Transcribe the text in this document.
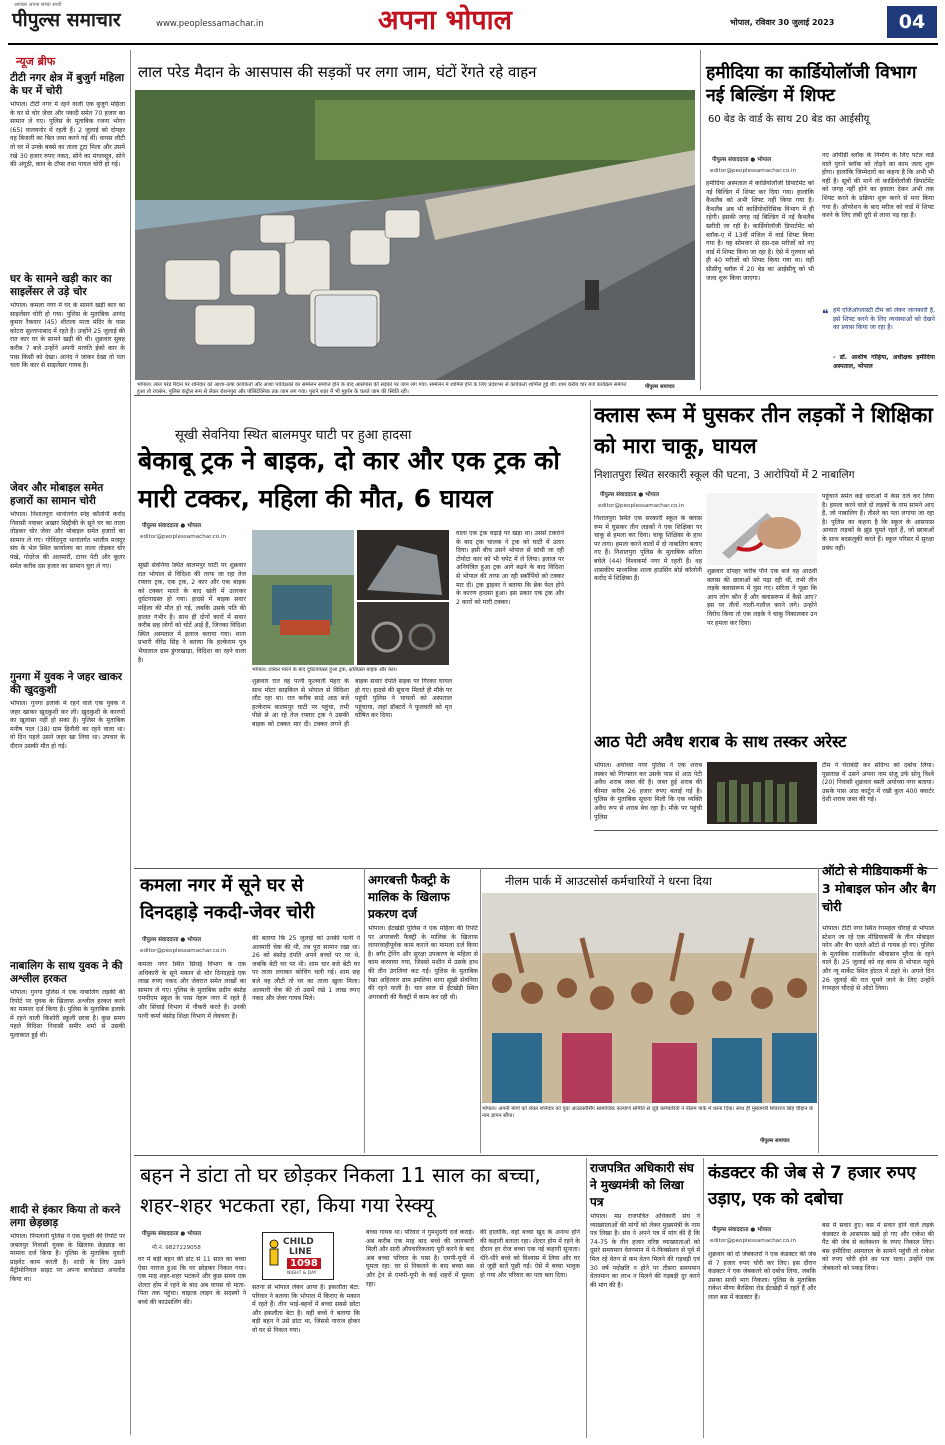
आपका अपना सच्चा साथी
पीपुल्स समाचार	www.peoplessamachar.in	अपना भोपाल	भोपाल, रविवार 30 जुलाई 2023	04
न्यूज ब्रीफ
टीटी नगर क्षेत्र में बुजुर्ग महिला के घर में चोरी
भोपाल। टीटी नगर में रहने वाली एक बुजुर्ग महिला के घर से चोर जेवर और नकदी समेत 70 हजार का सामान ले गए। पुलिस के मुताबिक रजना भोगर (65) वालयनोर में रहती हैं। 2 जुलाई को दोपहर वह बिजली का बिल जमा करने गई थीं। वापस लौटी तो घर में उनके बक्से का ताला टूटा मिला और उसमें रखे 30 हजार रुपए नकद, सोने का मंगलसूत्र, सोने की अंगूठी, कान के टॉप्स तथा पायल चोरी हो गई।
घर के सामने खड़ी कार का साइलेंसर ले उड़े चोर
भोपाल। कमला नगर में घर के सामने खड़ी कार का साइलेंसर चोरी हो गया। पुलिस के मुताबिक आनंद कुमार रैकवार (45) शीतला माता मंदिर के पास कोटरा सुल्तानाबाद में रहते हैं। उन्होंने 25 जुलाई की रात कार घर के सामने खड़ी की थी। शुक्रवार सुबह करीब 7 बजे उन्होंने अपनी मारुति ईको कार के पास किसी को देखा। आनंद ने जाकर देखा तो पता चला कि कार से साइलेंसर गायब है।
जेवर और मोबाइल समेत हजारों का सामान चोरी
भोपाल। निशातपुरा थानांतर्गत स्नेह कॉलोनी करोंद निवासी नवाबर अख्तर सिद्दीकी के सूने घर का ताला तोड़कर चोर जेवर और मोबाइल समेत हजारों का सामान ले गए। गोविंदपुरा थानांतर्गत भरतीय मजदूर संघ के भेल स्थित कार्यालय का ताला तोड़कर चोर पंखे, गोदरेज की अलमारी, टायर पेटी और कूलर समेत करीब दस हजार का सामान चुरा ले गए।
गुनगा में युवक ने जहर खाकर की खुदकुशी
भोपाल। गुनगा इलाके में रहने वाले एक युवक ने जहर खाकर खुदकुशी कर ली। खुदकुशी के कारणों का खुलासा नहीं हो सका है। पुलिस के मुताबिक मनीष पाल (38) ग्राम हिनौती का रहने वाला था। वो दिन पहले उसने जहर खा लिया था। उपचार के दौरान उसकी मौत हो गई।
नाबालिग के साथ युवक ने की अश्लील हरकत
भोपाल। गुनगा पुलिस ने एक नाबालिग लड़की की रिपोर्ट पर युवक के खिलाफ अश्लील हरकत करने का मामला दर्ज किया है। पुलिस के मुताबिक इलाके में रहने वाली किशोरी स्कूली छात्रा है। कुछ समय पहले विदिशा निवासी समीर शर्मा से उसकी मुलाकात हुई थी।
शादी से इंकार किया तो करने लगा छेड़छाड़
भोपाल। पिपलानी पुलिस ने एक युवती की रिपोर्ट पर जबलपुर निवासी युवक के खिलाफ छेड़छाड़ का मामला दर्ज किया है। पुलिस के मुताबिक युवती प्राइवेट काम करती है। शादी के लिए उसने मैट्रीमोनियल साइट पर अपना बायोडाटा अपलोड किया था।
लाल परेड मैदान के आसपास की सड़कों पर लगा जाम, घंटों रेंगते रहे वाहन
भोपाल। लाल परेड मैदान पर शनिवार को आशा-ऊषा कार्यकर्ता और आशा पर्यवेक्षकों का सम्मेलन समाप्त होने के बाद आसपास की सड़कों पर जाम लग गया। सम्मेलन में शामिल होने के लिए प्रदेशभर से कार्यकर्ता शामिल हुई थीं। शाम करीब चार बजे कार्यक्रम समाप्त हुआ तो रायसेन, पुलिस कंट्रोल रूम से लेकर रोशनपुरा और पॉलिटेक्निक तक जाम लग गया। पुराने शहर में भी मुहर्रम के चलते जाम की स्थिति रही।
पीपुल्स समाचार
हमीदिया का कार्डियोलॉजी विभाग नई बिल्डिंग में शिफ्ट
60 बेड के वार्ड के साथ 20 बेड का आईसीयू
पीपुल्स संवाददाता ● भोपाल
editor@peoplessamachar.co.in
हमीदिया अस्पताल में कार्डियोलॉजी डिपार्टमेंट को नई बिल्डिंग में शिफ्ट कर दिया गया। हालांकि कैथलैब को अभी शिफ्ट नहीं किया गया है। कैथलैब अब भी कार्डियोथोरेसिक विभाग में ही रहेगी। इसकी जगह नई बिल्डिंग में नई कैथलैब खरीदी जा रही है। कार्डियोलॉजी डिपार्टमेंट को ब्लॉक-ए में 13वीं मंजिल में वार्ड शिफ्ट किया गया है। यह सोमवार से दस-दस मरीजों को नए वार्ड में शिफ्ट किया जा रहा है। ऐसे में गुरुवार को ही 40 मरीजों को शिफ्ट किया गया था। वहीं सीसीयू ब्लॉक में 20 बेड का आईसीयू को भी जल्द शुरू किया जाएगा।
नए ओपीडी ब्लॉक के निर्माण के लिए पटेल वार्ड वाले पुराने ब्लॉक को तोड़ने का काम जल्द शुरू होगा। हालांकि जिम्मेदारों का कहना है कि अभी भी वहीं है। सूत्रों की मानें तो कार्डियोलॉजी डिपार्टमेंट को जगह नहीं होने का हवाला देकर अभी तक शिफ्ट करने के प्रक्रिया शुरू करने से मना किया गया है। ऑपरेशन के बाद मरीज को वार्ड में शिफ्ट करने के लिए लंबी दूरी से लाना पड़ रहा है।
❝ हमें एजिओप्लास्टी टीम को लेकर जानकारी है, इसे शिफ्ट करने के लिए व्यवस्थाओं को देखने का प्रयास किया जा रहा है।
- डॉ. आशीष गोहिया, अधीक्षक हमीदिया अस्पताल, भोपाल
सूखी सेवनिया स्थित बालमपुर घाटी पर हुआ हादसा
बेकाबू ट्रक ने बाइक, दो कार और एक ट्रक को मारी टक्कर, महिला की मौत, 6 घायल
पीपुल्स संवाददाता ● भोपाल
editor@peoplessamachar.co.in
सूखी सेवनिया स्थित बालमपुर घाटी पर शुक्रवार रात भोपाल से विदिशा की तरफ जा रहा तेज रफ्तार ट्रक, एक ट्रक, 2 कार और एक बाइक को टक्कर मारते के बाद खंती में उतरकर दुर्घटनाग्रस्त हो गया। हादसे में बाइक सवार महिला की मौत हो गई, जबकि उसके पति की हालत गंभीर है। साथ ही दोनों कारों में सवार करीब छह लोगों को चोटें आई हैं, जिनका विदिशा स्थित अस्पताल में इलाज कराया गया। थाना प्रभारी वीरेंद्र सिंह ने बताया कि हल्केराम पुत्र भैयालाल ग्राम डुंगरखाड़ा, विदिशा का रहने वाला है।
भोपाल। टक्कर मारने के बाद दुर्घटनाग्रस्त हुआ ट्रक, क्षतिग्रस्त बाइक और कार।
शुक्रवार रात वह पत्नी फूलवती मेहरा के साथ मोटर साइकिल से भोपाल से विदिशा लौट रहा था। रात करीब साढ़े आठ बजे हल्केराम बालमपुर घाटी पर पहुंचा, तभी पीछे से आ रहे तेज रफ्तार ट्रक ने उसकी बाइक को टक्कर मार दी। टक्कर लगने ही बाइक सवार दंपति सड़क पर गिरकर घायल हो गए। हादसे की सूचना मिलते ही मौके पर पहुंची पुलिस ने घायलों को अस्पताल पहुंचाया, जहां डॉक्टरों ने फूलवती को मृत घोषित कर दिया।
वाला एक ट्रक चढ़ाई पर खड़ा था। उससे टकराने के बाद ट्रक चालक ने ट्रक को घाटी में उतार दिया। इसी बीच उसने भोपाल से सांची जा रही टोयोटा कार को भी चपेट में ले लिया। इलाज पर अनियंत्रित हुआ ट्रक आगे बढ़ने के बाद विदिशा से भोपाल की तरफ आ रही स्कॉर्पियो को टक्कर मार दी। ट्रक ड्राइवर ने बताया कि ब्रेक फेल होने के कारण हादसा हुआ। इस प्रकार एक ट्रक और 2 कारों को मारी टक्कर।
क्लास रूम में घुसकर तीन लड़कों ने शिक्षिका को मारा चाकू, घायल
निशातपुरा स्थित सरकारी स्कूल की घटना, 3 आरोपियों में 2 नाबालिग
पीपुल्स संवाददाता ● भोपाल
editor@peoplessamachar.co.in
निशातपुरा स्थित एक सरकारी स्कूल के क्लास रूम में घुसकर तीन लड़कों ने एक शिक्षिका पर चाकू से हमला कर दिया। चाकू शिक्षिका के हाथ पर लगा। हमला करने वालों में दो नाबालिग बताए गए हैं। निशातपुरा पुलिस के मुताबिक सरिता बघेले (44) विश्वकर्मा नगर में रहती हैं। वह शासकीय माध्यमिक शाला हाउसिंग बोर्ड कॉलोनी करोंद में शिक्षिका हैं।
शुक्रवार दोपहर करीब पौने एक बजे वह आठवीं क्लास की छात्राओं को पढ़ा रही थीं, तभी तीन लड़के क्लासरूम में घुस गए। सरिता ने पूछा कि आप लोग कौन हैं और क्लासरूम में कैसे आए? इस पर तीनों गाली-गलौज करने लगे। उन्होंने विरोध किया तो एक लड़के ने चाकू निकालकर उन पर हमला कर दिया।
पहुंचाने समेत कई धाराओं में केस दर्ज कर लिया है। हमला करने वाले दो लड़कों के नाम सामने आए हैं, जो नाबालिग हैं। तीसरे का पता लगाया जा रहा है। पुलिस का कहना है कि स्कूल के आसपास आवारा लड़कों के झुंड घूमते रहते हैं, जो छात्राओं के साथ बदसलूकी करते हैं। स्कूल परिसर में सुरक्षा प्रबंध नहीं।
आठ पेटी अवैध शराब के साथ तस्कर अरेस्ट
भोपाल। अयोध्या नगर पुलिस ने एक शराब तस्कर को गिरफ्तार कर उसके पास से आठ पेटी अवैध शराब जब्त की है। जब्त हुई शराब की कीमत करीब 26 हजार रुपए बताई गई है। पुलिस के मुताबिक सूचना मिली कि एक व्यक्ति अवैध रूप से शराब बेच रहा है। मौके पर पहुंची पुलिस
टीम ने घेराबंदी कर संदिग्ध को दबोच लिया। पूछताछ में उसने अपना नाम संजू उर्फ सोनू विश्वे (20) निवासी शुक्रवार बस्ती अयोध्या नगर बताया। उसके पास आठ कार्टून में रखी कुल 400 क्वार्टर देशी शराब जब्त की गई।
कमला नगर में सूने घर से दिनदहाड़े नकदी-जेवर चोरी
पीपुल्स संवाददाता ● भोपाल
editor@peoplessamachar.co.in
कमला नगर स्थित सिंधई विभाग के एक अधिकारी के सूने मकान से चोर दिनदहाड़े एक लाख रुपए नकद और जेवरात समेत लाखों का सामान ले गए। पुलिस के मुताबिक प्रदीप बंसोड़ एमपीएम स्कूल के पास नेहरू नगर में रहते हैं और सिंचाई विभाग में नौकरी करते हैं। उनकी पत्नी कर्मा बंसोड़ शिक्षा विभाग में लेक्चरर हैं।
की बताया कि 25 जुलाई को उनकी पत्नी ने अलमारी चेक की थी, तब पूरा सामान रखा था। 26 को बंसोड़ दंपति अपने बच्चों पर पर थे, जबकि बेटी घर पर थी। शाम चार बजे बेटी घर पर ताला लगाकर कोचिंग चली गई। शाम छह बजे वह लौटी तो घर का ताला खुला मिला। अलमारी चेक की तो उसमें रखे 1 लाख रुपए नकद और जेवर गायब मिले।
अगरबत्ती फैक्ट्री के मालिक के खिलाफ प्रकरण दर्ज
भोपाल। ईंटखेड़ी पुलिस ने एक महिला की रिपोर्ट पर अगरबत्ती फैक्ट्री के मालिक के खिलाफ लापरवाहीपूर्वक काम कराने का मामला दर्ज किया है। बगैर ट्रेनिंग और सुरक्षा उपकरण के महिला से काम करवाया गया, जिससे मशीन में उसके हाथ की तीन उंगलियां कट गईं। पुलिस के मुताबिक रेखा अहिरवार ग्राम इमलिया थाना सूखी सेवनिया की रहने वाली है। चार साल से ईंटखेड़ी स्थित अगरबत्ती की फैक्ट्री में काम कर रही थी।
नीलम पार्क में आउटसोर्स कर्मचारियों ने धरना दिया
भोपाल। अपनी मांगों को लेकर शनिवार को युवा आउटसोर्सिंग सामाजिक कल्याण समिति से जुड़े कर्मचारियों ने नीलम पार्क में धरना दिया। साथ ही मुख्यमंत्री शिवराज सिंह चौहान के नाम ज्ञापन सौंपा।
पीपुल्स समाचार
ऑटो से मीडियाकर्मी के 3 मोबाइल फोन और बैग चोरी
भोपाल। टीटी नगर स्थित रंगमहल चौराहे से भोपाल स्टेशन जा रहे एक मीडियाकर्मी के तीन मोबाइल फोन और बैग चलते ऑटो से गायब हो गए। पुलिस के मुताबिक राजकिशोर श्रीवास्तव मुरैना के रहने वाले हैं। 25 जुलाई को वह काम से भोपाल पहुंचे और न्यू मार्केट स्थित होटल में ठहरे थे। अगले दिन 26 जुलाई की रात घूमने जाने के लिए उन्होंने रंगमहल चौराहे से ऑटो लिया।
बहन ने डांटा तो घर छोड़कर निकला 11 साल का बच्चा, शहर-शहर भटकता रहा, किया गया रेस्क्यू
पीपुल्स संवाददाता ● भोपाल
मो.नं. 9827229058
घर में बड़ी बहन की डांट से 11 साल का बच्चा ऐसा नाराज हुआ कि घर छोड़कर निकल गया। एक माह शहर-शहर भटकने और कुछ समय एक शेल्टर होम में रहने के बाद अब वापस वो माता-पिता तक पहुंचा। चाइल्ड लाइन के सदस्यों ने बच्चे की काउंसलिंग की।
CHILD
LINE
1098
NIGHT & DAY
सतना से भोपाल लेकर आया है। इकलौता बेटा: परिवार ने बताया कि भोपाल में किराए के मकान में रहते हैं। तीन भाई-बहनों में बच्चा सबसे छोटा और इकलौता बेटा है। वहीं बच्चे ने बताया कि बड़ी बहन ने उसे डांटा था, जिससे नाराज होकर वो घर से निकल गया।
बच्चा गायब था। परिवार ने गुमशुदगी दर्ज कराई। अब करीब एक माह बाद बच्चे की जानकारी मिली और सारी औपचारिकताएं पूरी करने के बाद अब बच्चा परिवार के पास है। एमपी-यूपी में घूमता रहा: घर से निकलने के बाद बच्चा बस और ट्रेन से एमपी-यूपी के कई शहरों में घूमता रहा।
की हालांकि, वहां बच्चा खुद के अनाथ होने की कहानी बताता रहा। शेल्टर होम में रहने के दौरान हर रोज बच्चा एक नई कहानी सुनाता। धीरे-धीरे बच्चे को विश्वास में लिया और घर से जुड़ी बातें पूछी गईं। ऐसे में बच्चा भावुक हो गया और परिवार का पता बता दिया।
राजपत्रित अधिकारी संघ ने मुख्यमंत्री को लिखा पत्र
भोपाल। मप्र राजपत्रित अधिकारी संघ ने व्याख्याताओं की मांगों को लेकर मुख्यमंत्री के नाम पत्र लिखा है। संघ ने अपने पत्र में मांग की है कि 74-75 के तीन हजार वरिष्ठ व्याख्याताओं को दूसरे समयमान वेतनमान में पे-फिक्सेशन से पूर्व में मिल रहे वेतन से कम वेतन मिलने की गड़बड़ी एवं 30 वर्ष पदोन्नति न होने पर तीसरा समयमान वेतनमान का लाभ न मिलने की गड़बड़ी दूर करने की मांग की है।
कंडक्टर की जेब से 7 हजार रुपए उड़ाए, एक को दबोचा
पीपुल्स संवाददाता ● भोपाल
editor@peoplessamachar.co.in
शुक्रवार को दो जेबकतरों ने एक कंडक्टर की जेब से 7 हजार रुपए चोरी कर लिए। इस दौरान कंडक्टर ने एक जेबकतरे को दबोच लिया, जबकि उसका साथी भाग निकला। पुलिस के मुताबिक राकेश मीणा बैरसिया रोड ईंटखेड़ी में रहते हैं और लाल बस में कंडक्टर हैं।
बस में सवार हुए। बस में सवार होने वाले लड़के कंडक्टर के आसपास खड़े हो गए और राकेश की पैंट की जेब से कलेक्शन के रुपए निकाल लिए। बस हमीदिया अस्पताल के सामने पहुंची तो राकेश को रुपए चोरी होने का पता चला। उन्होंने एक जेबकतरे को पकड़ लिया।
